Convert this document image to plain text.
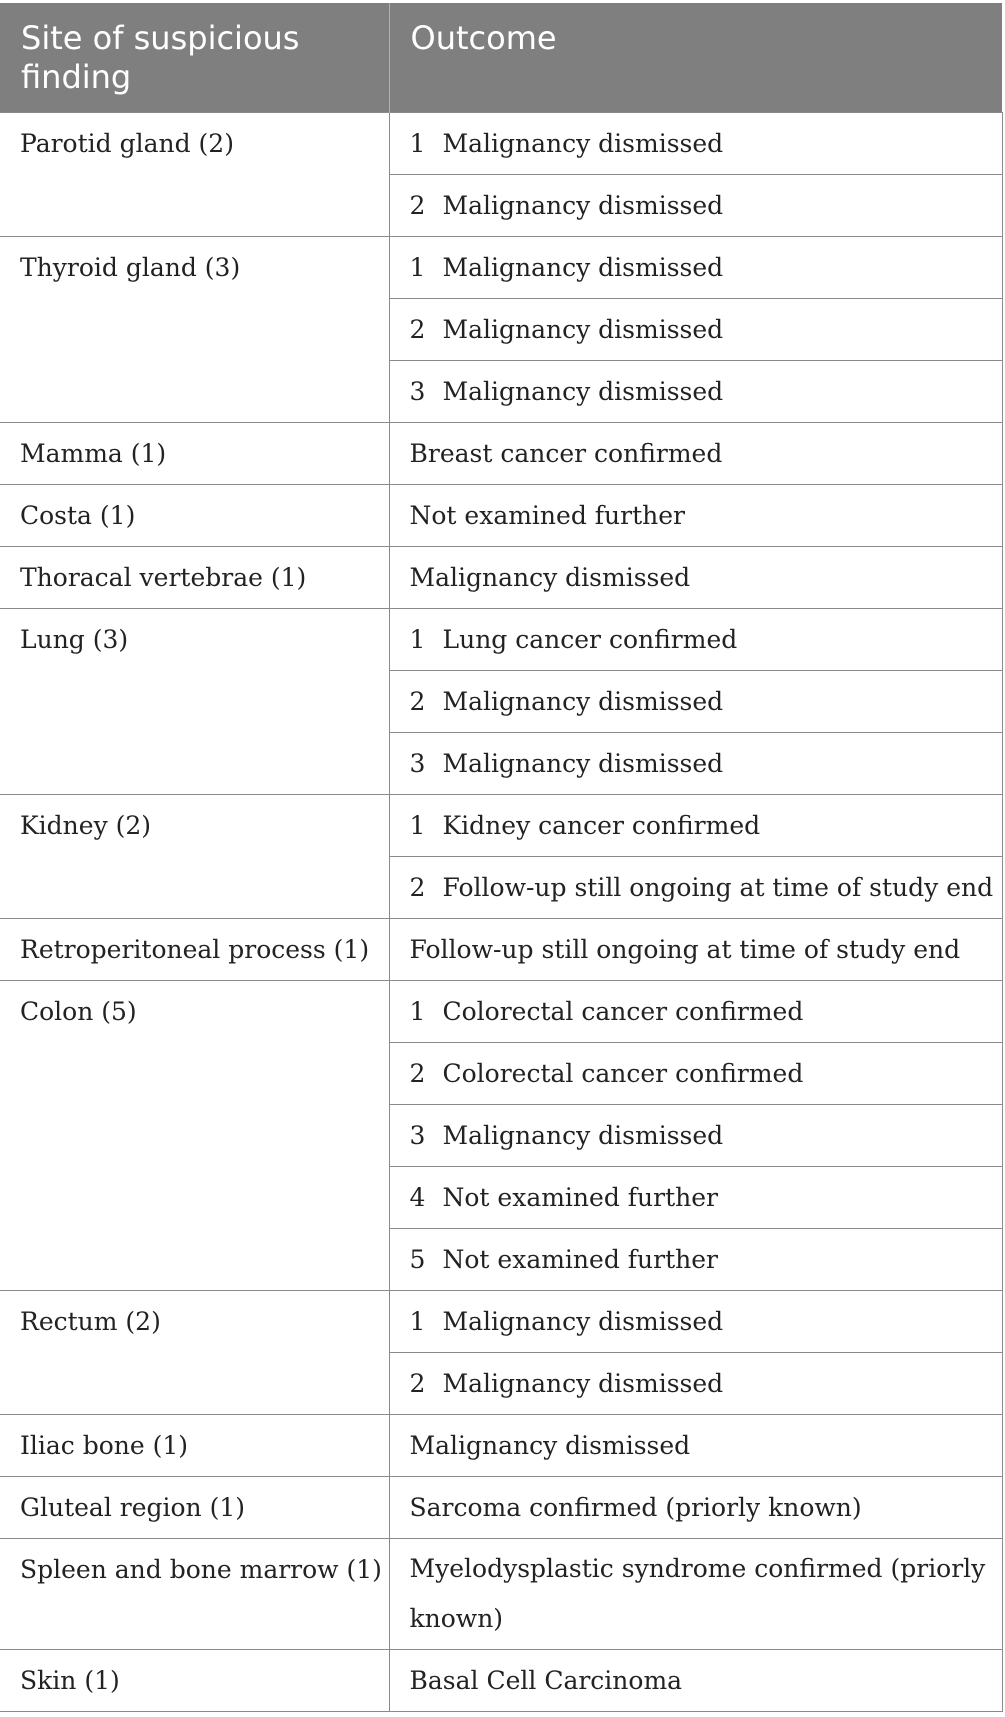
Site of suspicious finding	Outcome
Parotid gland (2)	1 Malignancy dismissed
	2 Malignancy dismissed
Thyroid gland (3)	1 Malignancy dismissed
	2 Malignancy dismissed
	3 Malignancy dismissed
Mamma (1)	Breast cancer confirmed
Costa (1)	Not examined further
Thoracal vertebrae (1)	Malignancy dismissed
Lung (3)	1 Lung cancer confirmed
	2 Malignancy dismissed
	3 Malignancy dismissed
Kidney (2)	1 Kidney cancer confirmed
	2 Follow-up still ongoing at time of study end
Retroperitoneal process (1)	Follow-up still ongoing at time of study end
Colon (5)	1 Colorectal cancer confirmed
	2 Colorectal cancer confirmed
	3 Malignancy dismissed
	4 Not examined further
	5 Not examined further
Rectum (2)	1 Malignancy dismissed
	2 Malignancy dismissed
Iliac bone (1)	Malignancy dismissed
Gluteal region (1)	Sarcoma confirmed (priorly known)
Spleen and bone marrow (1)	Myelodysplastic syndrome confirmed (priorly known)
Skin (1)	Basal Cell Carcinoma
